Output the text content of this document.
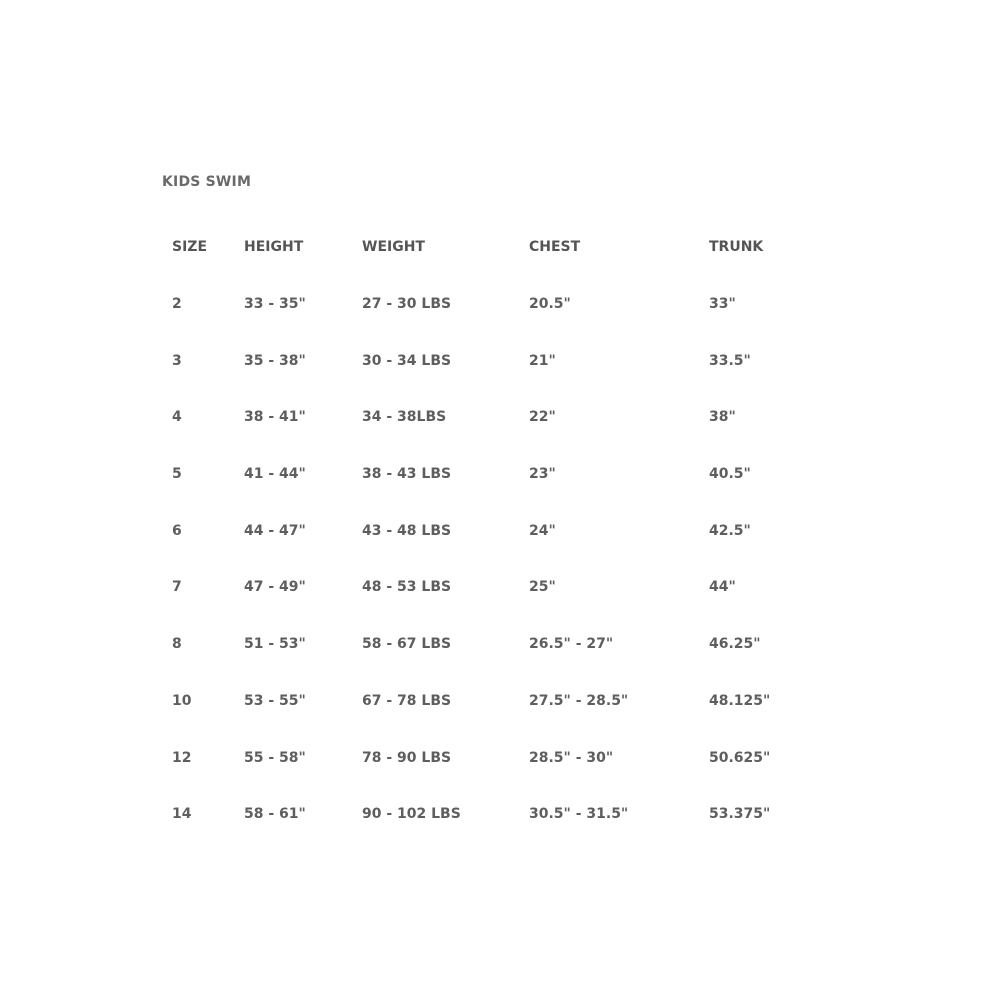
KIDS SWIM
SIZE	HEIGHT	WEIGHT	CHEST	TRUNK
2	33 - 35"	27 - 30 LBS	20.5"	33"
3	35 - 38"	30 - 34 LBS	21"	33.5"
4	38 - 41"	34 - 38LBS	22"	38"
5	41 - 44"	38 - 43 LBS	23"	40.5"
6	44 - 47"	43 - 48 LBS	24"	42.5"
7	47 - 49"	48 - 53 LBS	25"	44"
8	51 - 53"	58 - 67 LBS	26.5" - 27"	46.25"
10	53 - 55"	67 - 78 LBS	27.5" - 28.5"	48.125"
12	55 - 58"	78 - 90 LBS	28.5" - 30"	50.625"
14	58 - 61"	90 - 102 LBS	30.5" - 31.5"	53.375"
